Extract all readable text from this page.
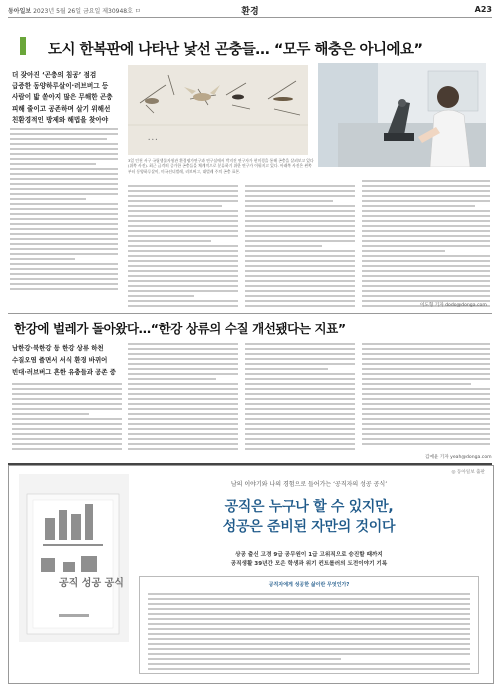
동아일보 2023년 5월 26일 금요일 제30948호 ㅁ	환경	A23
도시 한복판에 나타난 낯선 곤충들… “모두 해충은 아니에요”
더 잦아진 ‘곤충의 침공’ 점검
급증한 동양하루살이·러브버그 등
사람이 밟 쏟아지 많은 무해한 곤충
피해 줄이고 공존하며 살기 위해선
친환경적인 방제와 해법을 찾아야
• • •
3일 인천 서구 국립생물자원관 환경평가연구과 연구실에서 박지진 연구자가 현미경을 통해 곤충을 살펴보고 있다(위쪽 사진). 최근 급격히 증가한 곤충들을 체계적으로 분류하기 위한 연구가 이뤄지고 있다. 아래쪽 사진은 왼쪽부터 동양하루살이, 미국선녀벌레, 러브버그, 대벌레 주의 곤충 표본.
이도형 기자 dodo@donga.com
한강에 벌레가 돌아왔다…“한강 상류의 수질 개선됐다는 지표”
남한강·북한강 등 한강 상류 하천
수질오염 줄면서 서식 환경 바뀌어
빈대·러브버그 흔한 유충들과 공존 중
김예윤 기자 yeah@donga.com
공직 성공 공식
남의 이야기와 나의 경험으로 들어가는 ‘공직자의 성공 공식’
공직은 누구나 할 수 있지만,
성공은 준비된 자만의 것이다
상공 출신 고경 9급 공무원이 1급 고위직으로 승진할 때까지
공직생활 39년간 모은 학생과 위기 컨트롤러의 도전이야기 기록
공직자에게 성공한 삶이란 무엇인가?
◎ 동아일보 출판
